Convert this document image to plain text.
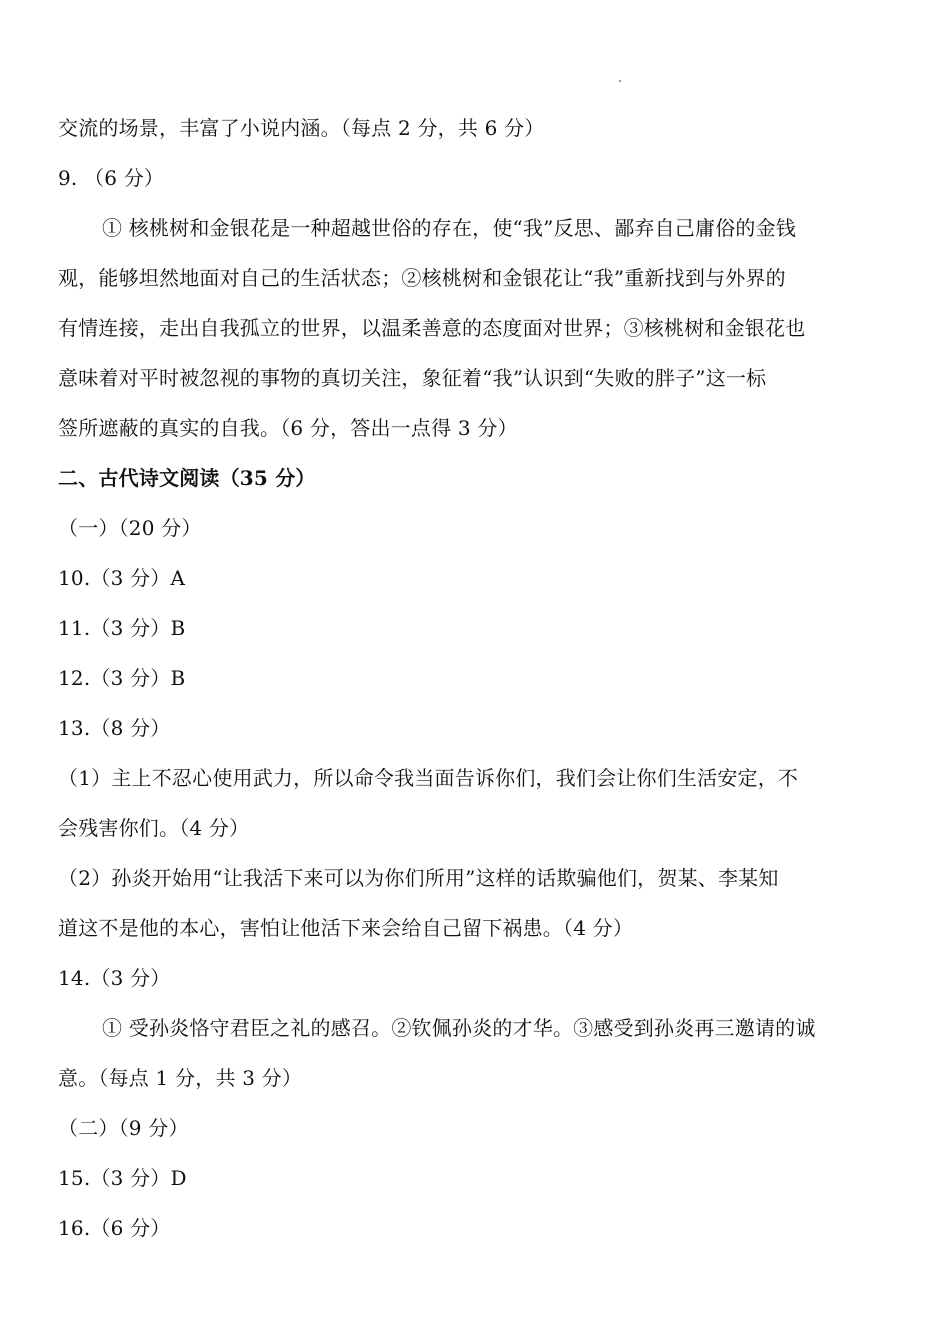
交流的场景，丰富了小说内涵。（每点 2 分，共 6 分）
9. （6 分）
① 核桃树和金银花是一种超越世俗的存在，使“我”反思、鄙弃自己庸俗的金钱
观，能够坦然地面对自己的生活状态；②核桃树和金银花让“我”重新找到与外界的
有情连接，走出自我孤立的世界，以温柔善意的态度面对世界；③核桃树和金银花也
意味着对平时被忽视的事物的真切关注，象征着“我”认识到“失败的胖子”这一标
签所遮蔽的真实的自我。（6 分，答出一点得 3 分）
二、古代诗文阅读（35 分）
（一）（20 分）
10.（3 分）A
11.（3 分）B
12.（3 分）B
13.（8 分）
（1）主上不忍心使用武力，所以命令我当面告诉你们，我们会让你们生活安定，不
会残害你们。（4 分）
（2）孙炎开始用“让我活下来可以为你们所用”这样的话欺骗他们，贺某、李某知
道这不是他的本心，害怕让他活下来会给自己留下祸患。（4 分）
14.（3 分）
① 受孙炎恪守君臣之礼的感召。②钦佩孙炎的才华。③感受到孙炎再三邀请的诚
意。（每点 1 分，共 3 分）
（二）（9 分）
15.（3 分）D
16.（6 分）
